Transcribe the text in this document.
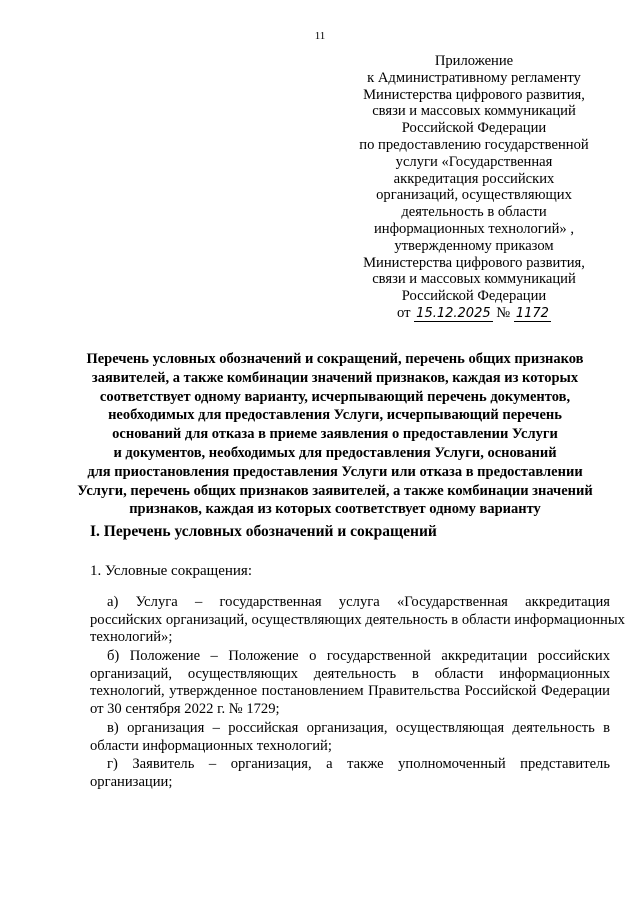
11
Приложение
к Административному регламенту
Министерства цифрового развития,
связи и массовых коммуникаций
Российской Федерации
по предоставлению государственной
услуги «Государственная
аккредитация российских
организаций, осуществляющих
деятельность в области
информационных технологий» ,
утвержденному приказом
Министерства цифрового развития,
связи и массовых коммуникаций
Российской Федерации
от 15.12.2025 № 1172
Перечень условных обозначений и сокращений, перечень общих признаков
заявителей, а также комбинации значений признаков, каждая из которых
соответствует одному варианту, исчерпывающий перечень документов,
необходимых для предоставления Услуги, исчерпывающий перечень
оснований для отказа в приеме заявления о предоставлении Услуги
и документов, необходимых для предоставления Услуги, оснований
для приостановления предоставления Услуги или отказа в предоставлении
Услуги, перечень общих признаков заявителей, а также комбинации значений
признаков, каждая из которых соответствует одному варианту
I. Перечень условных обозначений и сокращений
1. Условные сокращения:
а) Услуга – государственная услуга «Государственная аккредитация
российских организаций, осуществляющих деятельность в области информационных
технологий»;
б) Положение – Положение о государственной аккредитации российских
организаций, осуществляющих деятельность в области информационных
технологий, утвержденное постановлением Правительства Российской Федерации
от 30 сентября 2022 г. № 1729;
в) организация – российская организация, осуществляющая деятельность в
области информационных технологий;
г) Заявитель – организация, а также уполномоченный представитель
организации;
